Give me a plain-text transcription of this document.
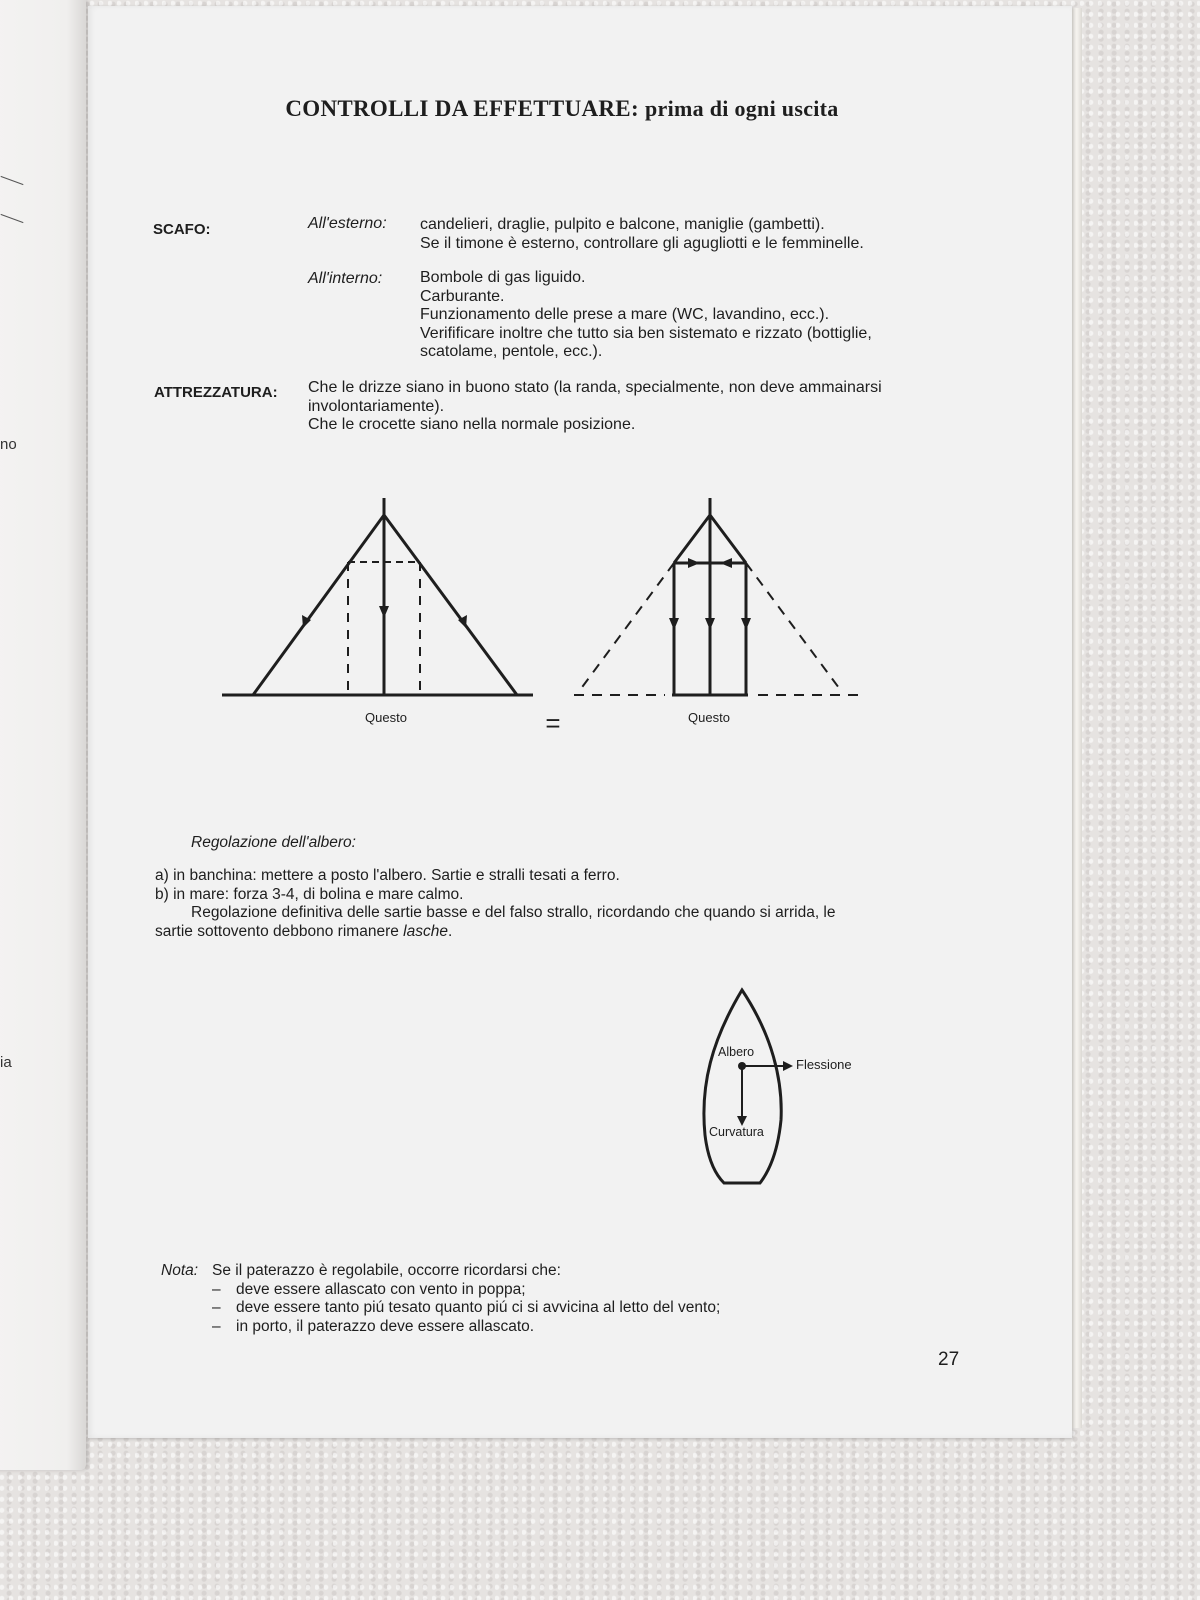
no
ia
CONTROLLI DA EFFETTUARE: prima di ogni uscita
SCAFO:	All'esterno: candelieri, draglie, pulpito e balcone, maniglie (gambetti).
Se il timone è esterno, controllare gli agugliotti e le femminelle.
All'interno: Bombole di gas liguido.
Carburante.
Funzionamento delle prese a mare (WC, lavandino, ecc.).
Verifificare inoltre che tutto sia ben sistemato e rizzato (bottiglie,
scatolame, pentole, ecc.).
ATTREZZATURA: Che le drizze siano in buono stato (la randa, specialmente, non deve ammainarsi
involontariamente).
Che le crocette siano nella normale posizione.
Questo	=	Questo
Albero
Flessione
Curvatura
Regolazione dell'albero:
a) in banchina: mettere a posto l'albero. Sartie e stralli tesati a ferro.
b) in mare: forza 3-4, di bolina e mare calmo.
Regolazione definitiva delle sartie basse e del falso strallo, ricordando che quando si arrida, le
sartie sottovento debbono rimanere lasche.
Nota: Se il paterazzo è regolabile, occorre ricordarsi che:
– deve essere allascato con vento in poppa;
– deve essere tanto piú tesato quanto piú ci si avvicina al letto del vento;
– in porto, il paterazzo deve essere allascato.
27
